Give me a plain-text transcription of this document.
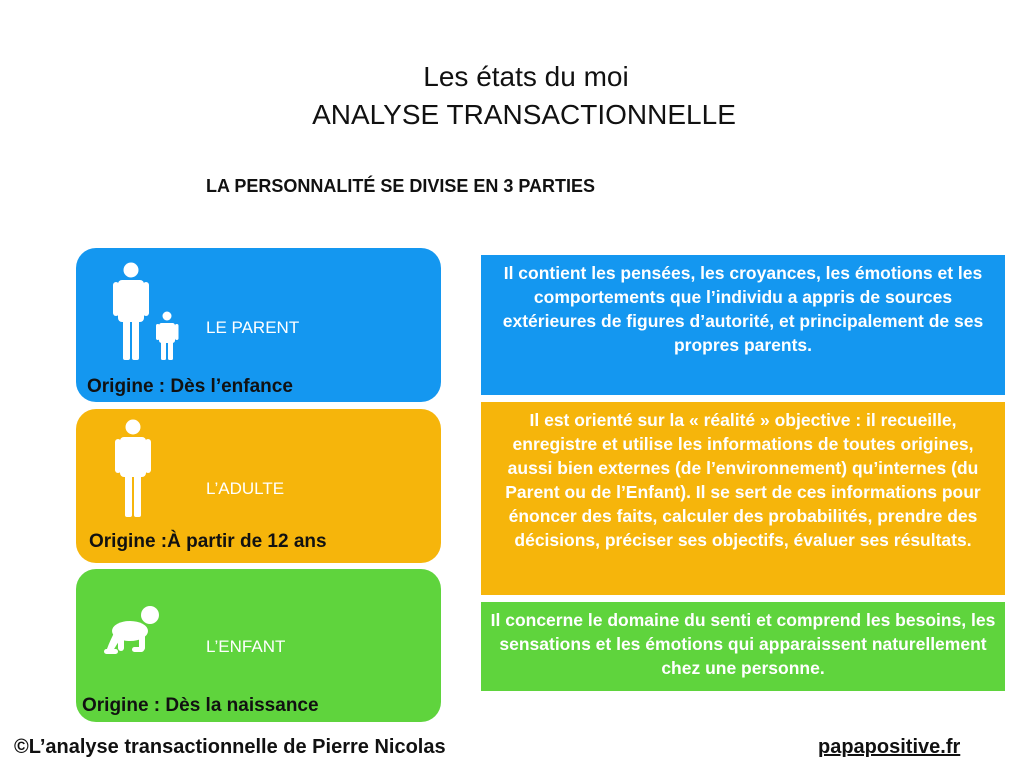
Les états du moi
ANALYSE TRANSACTIONNELLE
LA PERSONNALITÉ SE DIVISE EN 3 PARTIES
LE PARENT
Origine : Dès l’enfance
L’ADULTE
Origine :À partir de 12 ans
L’ENFANT
Origine : Dès la naissance
Il contient les pensées, les croyances, les émotions et les comportements que l’individu a appris de sources extérieures de figures d’autorité, et principalement de ses propres parents.
Il est orienté sur la « réalité » objective : il recueille, enregistre et utilise les informations de toutes origines, aussi bien externes (de l’environnement) qu’internes (du Parent ou de l’Enfant). Il se sert de ces informations pour énoncer des faits, calculer des probabilités, prendre des décisions, préciser ses objectifs, évaluer ses résultats.
Il concerne le domaine du senti et comprend les besoins, les sensations et les émotions qui apparaissent naturellement chez une personne.
©L’analyse transactionnelle de Pierre Nicolas	papapositive.fr
